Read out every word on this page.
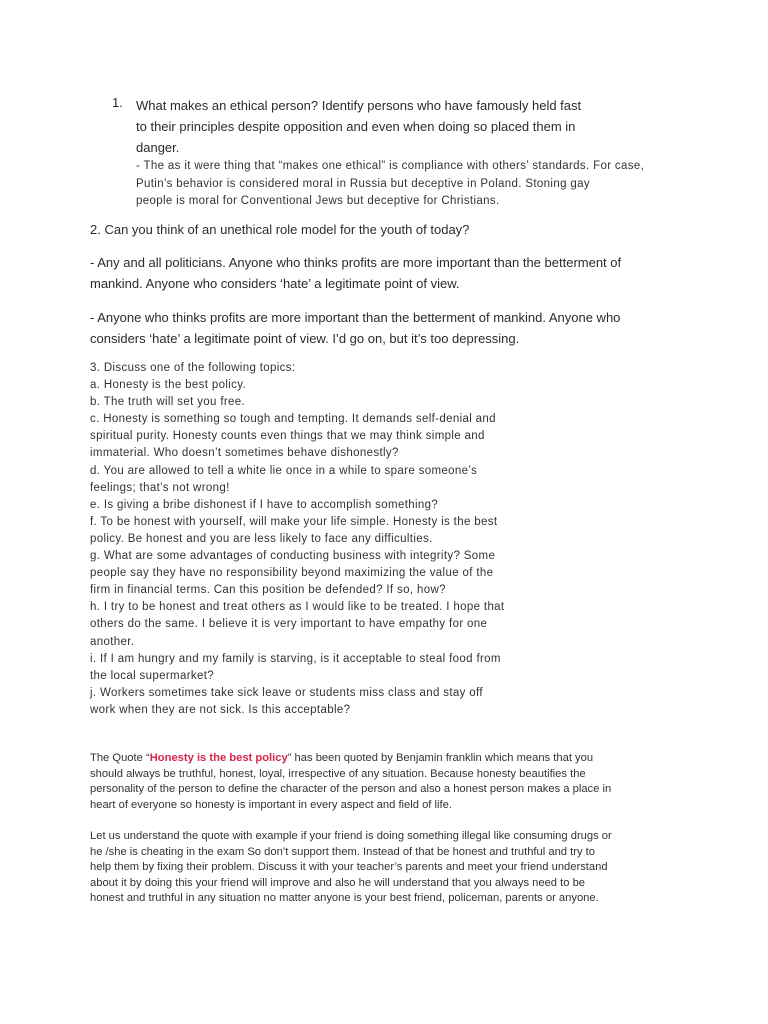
1. What makes an ethical person? Identify persons who have famously held fast
to their principles despite opposition and even when doing so placed them in
danger.
- The as it were thing that “makes one ethical” is compliance with others’ standards. For case,
Putin’s behavior is considered moral in Russia but deceptive in Poland. Stoning gay
people is moral for Conventional Jews but deceptive for Christians.
2. Can you think of an unethical role model for the youth of today?
- Any and all politicians. Anyone who thinks profits are more important than the betterment of
mankind. Anyone who considers ‘hate’ a legitimate point of view.
- Anyone who thinks profits are more important than the betterment of mankind. Anyone who
considers ‘hate’ a legitimate point of view. I’d go on, but it’s too depressing.
3. Discuss one of the following topics:
a. Honesty is the best policy.
b. The truth will set you free.
c. Honesty is something so tough and tempting. It demands self-denial and
spiritual purity. Honesty counts even things that we may think simple and
immaterial. Who doesn’t sometimes behave dishonestly?
d. You are allowed to tell a white lie once in a while to spare someone’s
feelings; that’s not wrong!
e. Is giving a bribe dishonest if I have to accomplish something?
f. To be honest with yourself, will make your life simple. Honesty is the best
policy. Be honest and you are less likely to face any difficulties.
g. What are some advantages of conducting business with integrity? Some
people say they have no responsibility beyond maximizing the value of the
firm in financial terms. Can this position be defended? If so, how?
h. I try to be honest and treat others as I would like to be treated. I hope that
others do the same. I believe it is very important to have empathy for one
another.
i. If I am hungry and my family is starving, is it acceptable to steal food from
the local supermarket?
j. Workers sometimes take sick leave or students miss class and stay off
work when they are not sick. Is this acceptable?
The Quote “Honesty is the best policy” has been quoted by Benjamin franklin which means that you
should always be truthful, honest, loyal, irrespective of any situation. Because honesty beautifies the
personality of the person to define the character of the person and also a honest person makes a place in
heart of everyone so honesty is important in every aspect and field of life.
Let us understand the quote with example if your friend is doing something illegal like consuming drugs or
he /she is cheating in the exam So don’t support them. Instead of that be honest and truthful and try to
help them by fixing their problem. Discuss it with your teacher’s parents and meet your friend understand
about it by doing this your friend will improve and also he will understand that you always need to be
honest and truthful in any situation no matter anyone is your best friend, policeman, parents or anyone.
